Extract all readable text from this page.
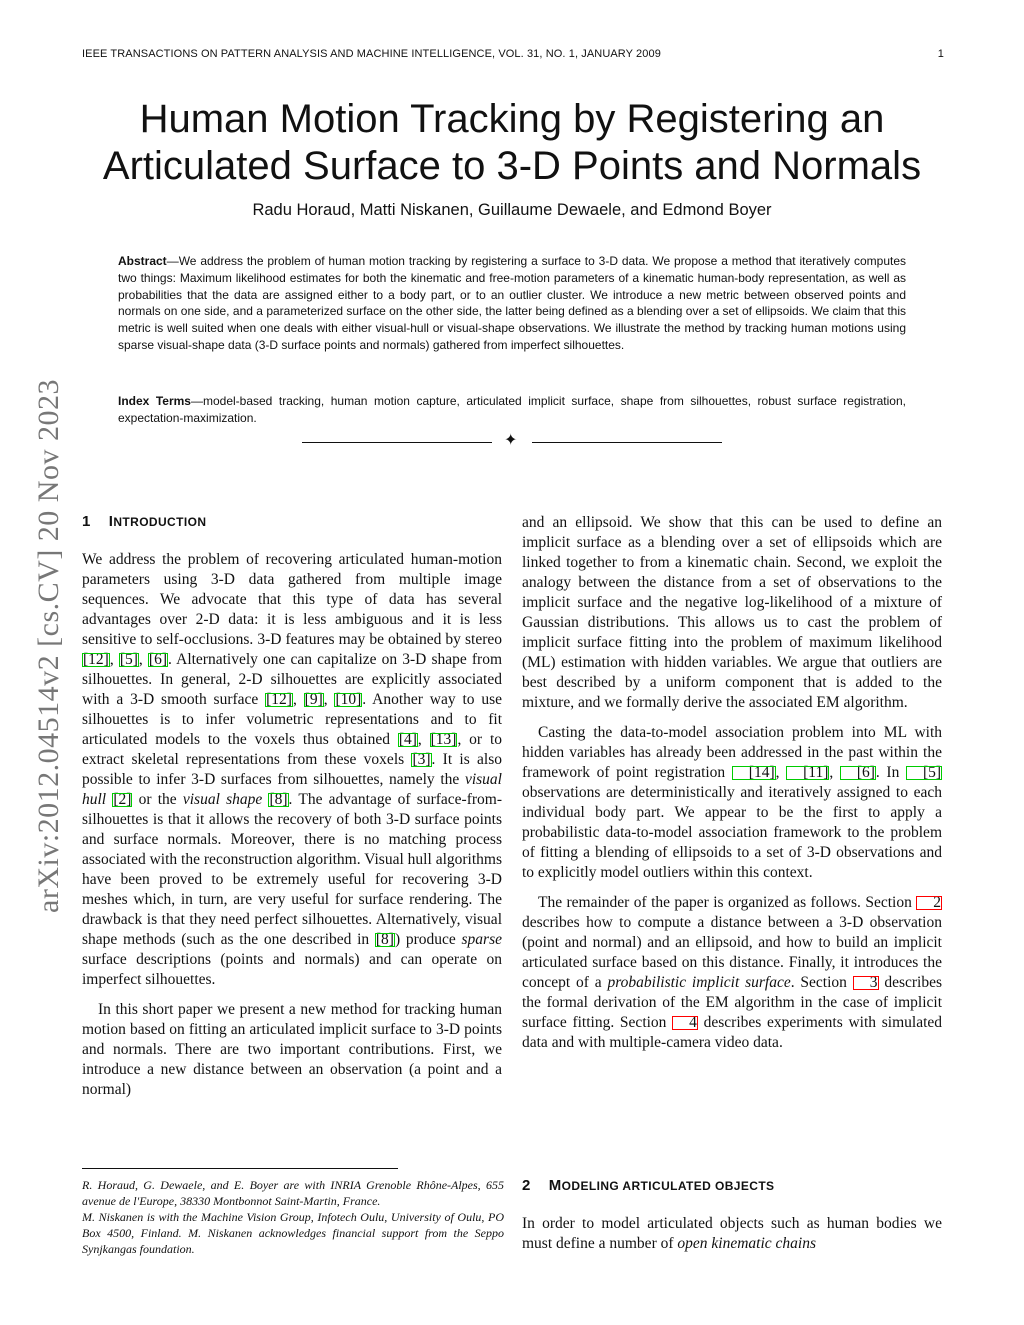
IEEE TRANSACTIONS ON PATTERN ANALYSIS AND MACHINE INTELLIGENCE, VOL. 31, NO. 1, JANUARY 2009	1
Human Motion Tracking by Registering an
Articulated Surface to 3-D Points and Normals
Radu Horaud, Matti Niskanen, Guillaume Dewaele, and Edmond Boyer

Abstract—We address the problem of human motion tracking by registering a surface to 3-D data. We propose a method that iteratively computes two things: Maximum likelihood estimates for both the kinematic and free-motion parameters of a kinematic human-body representation, as well as probabilities that the data are assigned either to a body part, or to an outlier cluster. We introduce a new metric between observed points and normals on one side, and a parameterized surface on the other side, the latter being defined as a blending over a set of ellipsoids. We claim that this metric is well suited when one deals with either visual-hull or visual-shape observations. We illustrate the method by tracking human motions using sparse visual-shape data (3-D surface points and normals) gathered from imperfect silhouettes.

Index Terms—model-based tracking, human motion capture, articulated implicit surface, shape from silhouettes, robust surface registration, expectation-maximization.

✦
arXiv:2012.04514v2 [cs.CV] 20 Nov 2023 1 INTRODUCTION

We address the problem of recovering articulated human-motion parameters using 3-D data gathered from multiple image sequences. We advocate that this type of data has several advantages over 2-D data: it is less ambiguous and it is less sensitive to self-occlusions. 3-D features may be obtained by stereo [12], [5], [6]. Alternatively one can capitalize on 3-D shape from silhouettes. In general, 2-D silhouettes are explicitly associated with a 3-D smooth surface [12], [9], [10]. Another way to use silhouettes is to infer volumetric representations and to fit articulated models to the voxels thus obtained [4], [13], or to extract skeletal representations from these voxels [3]. It is also possible to infer 3-D surfaces from silhouettes, namely the visual hull [2] or the visual shape [8]. The advantage of surface-from-silhouettes is that it allows the recovery of both 3-D surface points and surface normals. Moreover, there is no matching process associated with the reconstruction algorithm. Visual hull algorithms have been proved to be extremely useful for recovering 3-D meshes which, in turn, are very useful for surface rendering. The drawback is that they need perfect silhouettes. Alternatively, visual shape methods (such as the one described in [8]) produce sparse surface descriptions (points and normals) and can operate on imperfect silhouettes.

In this short paper we present a new method for tracking human motion based on fitting an articulated implicit surface to 3-D points and normals. There are two important contributions. First, we introduce a new distance between an observation (a point and a normal)

R. Horaud, G. Dewaele, and E. Boyer are with INRIA Grenoble Rhône-Alpes, 655 avenue de l'Europe, 38330 Montbonnot Saint-Martin, France.

M. Niskanen is with the Machine Vision Group, Infotech Oulu, University of Oulu, PO Box 4500, Finland. M. Niskanen acknowledges financial support from the Seppo Synjkangas foundation.

and an ellipsoid. We show that this can be used to define an implicit surface as a blending over a set of ellipsoids which are linked together to from a kinematic chain. Second, we exploit the analogy between the distance from a set of observations to the implicit surface and the negative log-likelihood of a mixture of Gaussian distributions. This allows us to cast the problem of implicit surface fitting into the problem of maximum likelihood (ML) estimation with hidden variables. We argue that outliers are best described by a uniform component that is added to the mixture, and we formally derive the associated EM algorithm.

Casting the data-to-model association problem into ML with hidden variables has already been addressed in the past within the framework of point registration [14], [11], [6]. In [5] observations are deterministically and iteratively assigned to each individual body part. We appear to be the first to apply a probabilistic data-to-model association framework to the problem of fitting a blending of ellipsoids to a set of 3-D observations and to explicitly model outliers within this context.

The remainder of the paper is organized as follows. Section 2 describes how to compute a distance between a 3-D observation (point and normal) and an ellipsoid, and how to build an implicit articulated surface based on this distance. Finally, it introduces the concept of a probabilistic implicit surface. Section 3 describes the formal derivation of the EM algorithm in the case of implicit surface fitting. Section 4 describes experiments with simulated data and with multiple-camera video data.

2 MODELING ARTICULATED OBJECTS

In order to model articulated objects such as human bodies we must define a number of open kinematic chains
